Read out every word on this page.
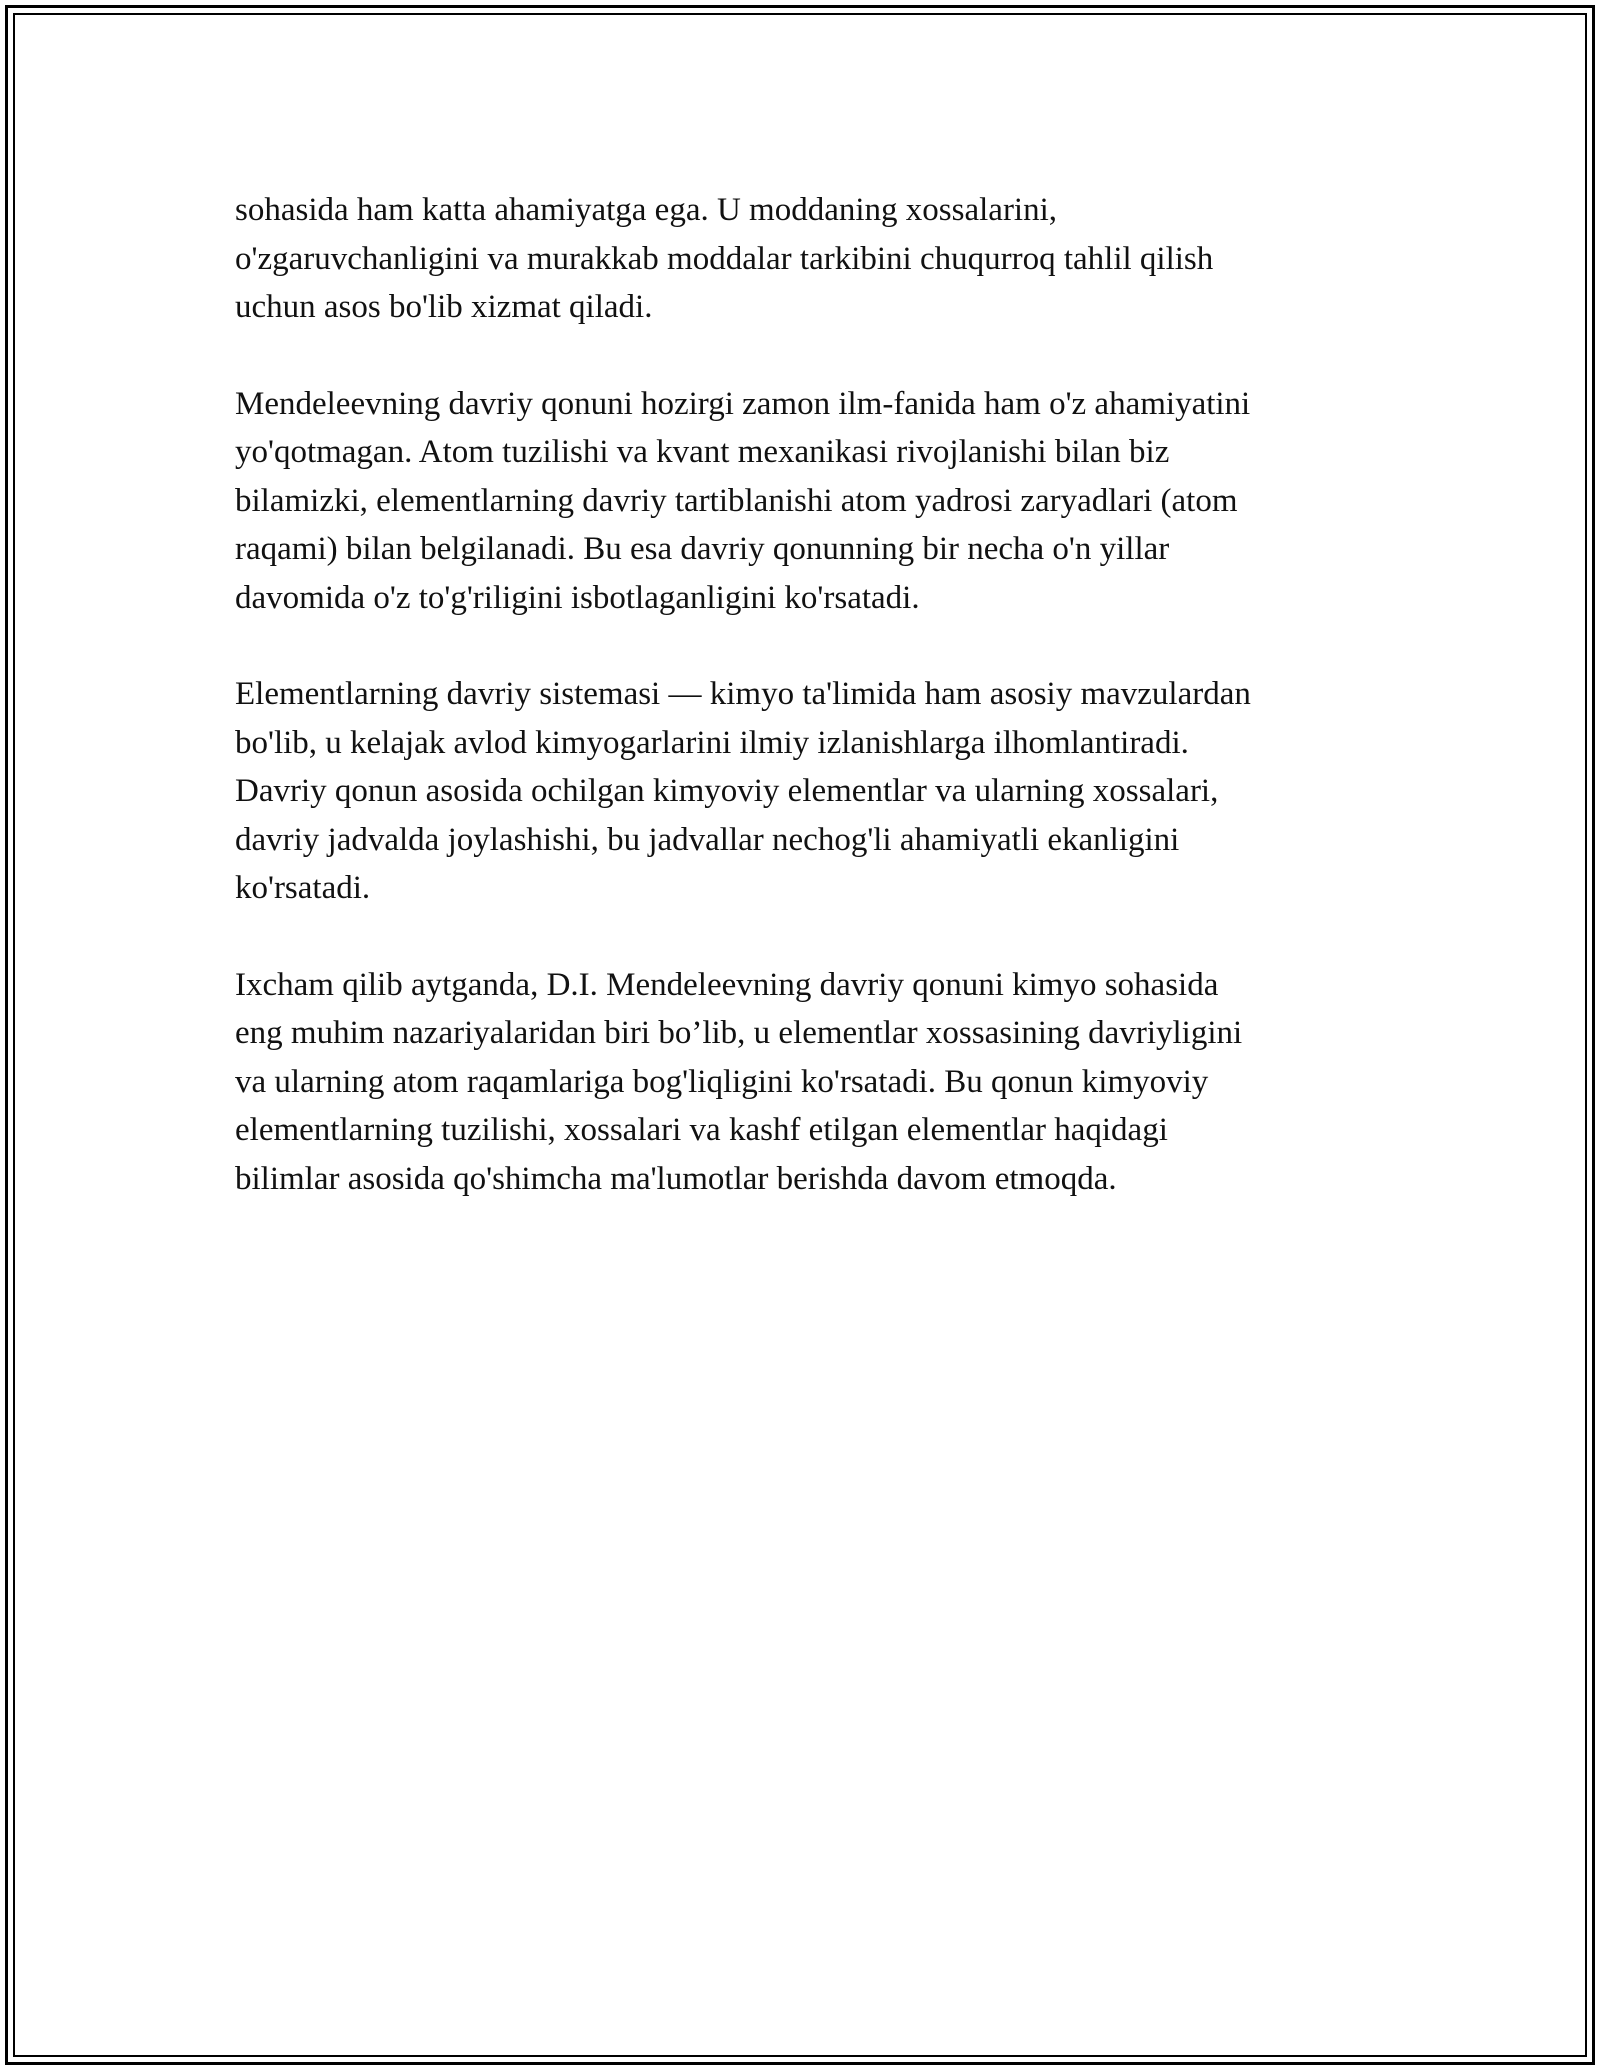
sohasida ham katta ahamiyatga ega. U moddaning xossalarini,
o'zgaruvchanligini va murakkab moddalar tarkibini chuqurroq tahlil qilish
uchun asos bo'lib xizmat qiladi.

Mendeleevning davriy qonuni hozirgi zamon ilm-fanida ham o'z ahamiyatini
yo'qotmagan. Atom tuzilishi va kvant mexanikasi rivojlanishi bilan biz
bilamizki, elementlarning davriy tartiblanishi atom yadrosi zaryadlari (atom
raqami) bilan belgilanadi. Bu esa davriy qonunning bir necha o'n yillar
davomida o'z to'g'riligini isbotlaganligini ko'rsatadi.

Elementlarning davriy sistemasi — kimyo ta'limida ham asosiy mavzulardan
bo'lib, u kelajak avlod kimyogarlarini ilmiy izlanishlarga ilhomlantiradi.
Davriy qonun asosida ochilgan kimyoviy elementlar va ularning xossalari,
davriy jadvalda joylashishi, bu jadvallar nechog'li ahamiyatli ekanligini
ko'rsatadi.

Ixcham qilib aytganda, D.I. Mendeleevning davriy qonuni kimyo sohasida
eng muhim nazariyalaridan biri bo’lib, u elementlar xossasining davriyligini
va ularning atom raqamlariga bog'liqligini ko'rsatadi. Bu qonun kimyoviy
elementlarning tuzilishi, xossalari va kashf etilgan elementlar haqidagi
bilimlar asosida qo'shimcha ma'lumotlar berishda davom etmoqda.
